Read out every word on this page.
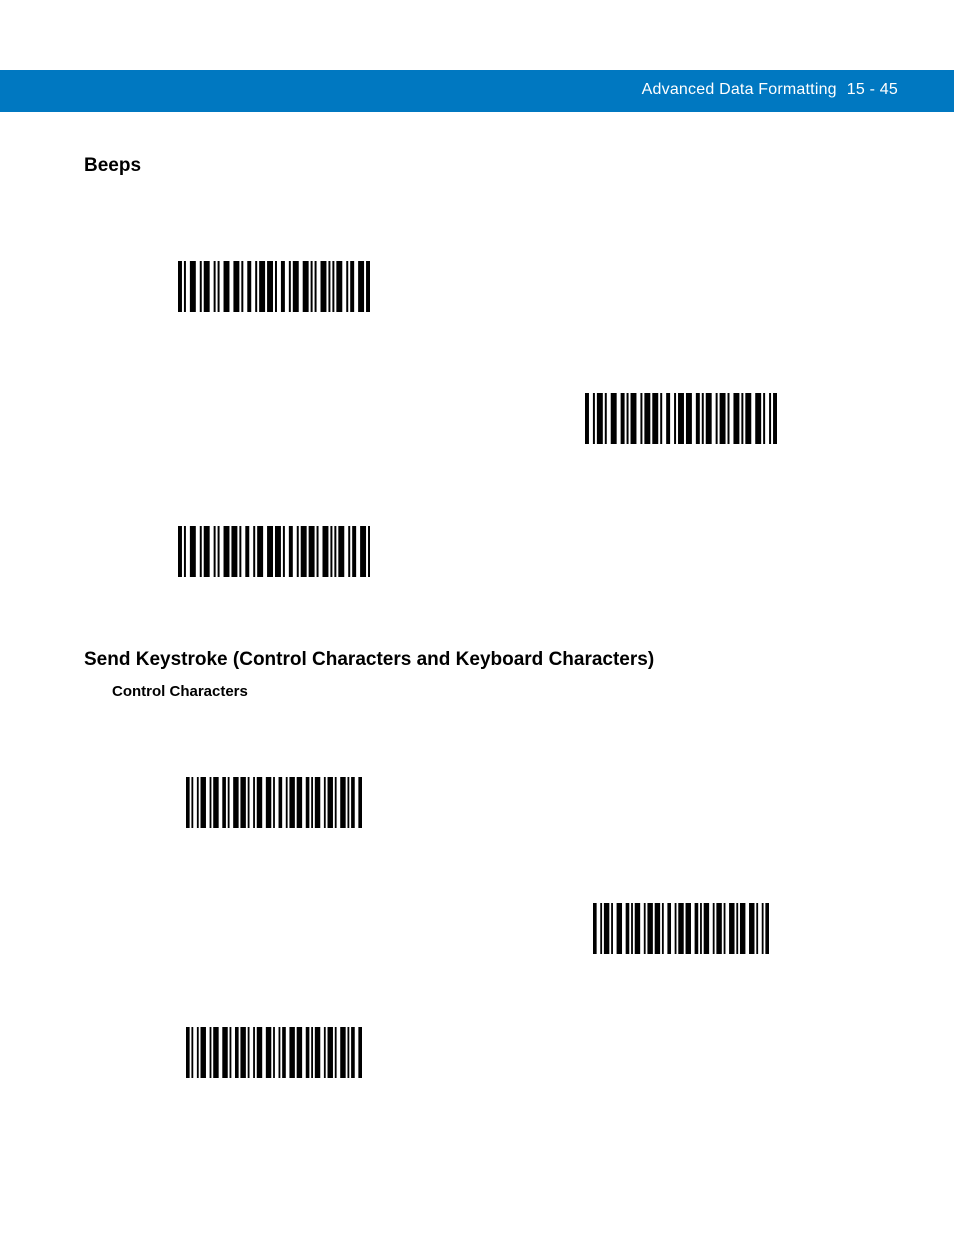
Advanced Data Formatting 15 - 45
Beeps
Send Keystroke (Control Characters and Keyboard Characters)
Control Characters
